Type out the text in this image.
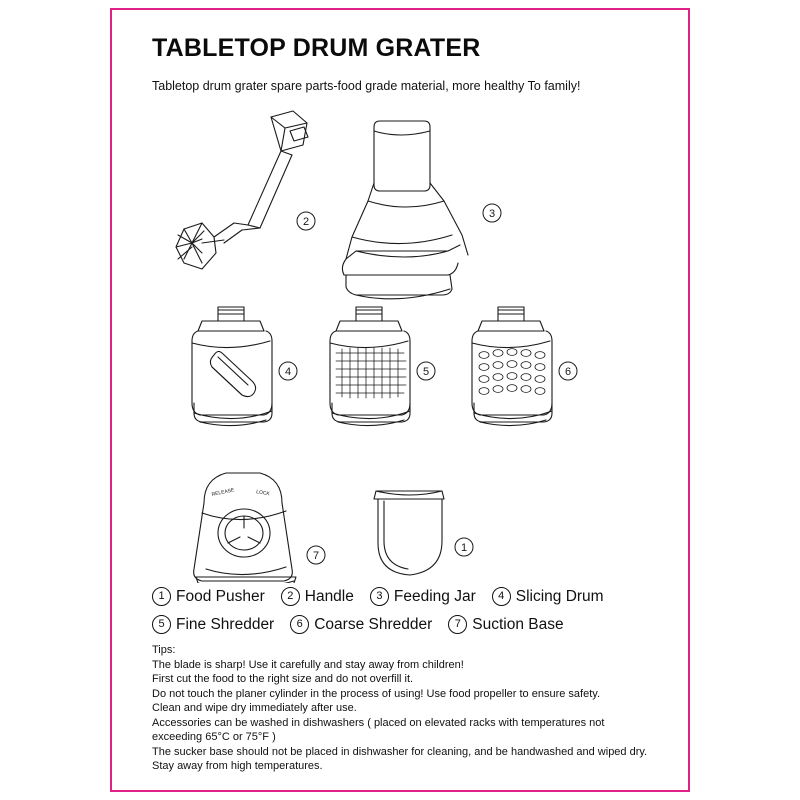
TABLETOP DRUM GRATER

Tabletop drum grater spare parts-food grade material, more healthy To family!

RELEASE	LOCK
2
3
4	5	6
7
1
1 Food Pusher	2 Handle	3 Feeding Jar	4 Slicing Drum
5 Fine Shredder	6 Coarse Shredder	7 Suction Base

Tips:

The blade is sharp! Use it carefully and stay away from children!

First cut the food to the right size and do not overfill it.

Do not touch the planer cylinder in the process of using! Use food propeller to ensure safety.

Clean and wipe dry immediately after use.

Accessories can be washed in dishwashers ( placed on elevated racks with temperatures not

exceeding 65°C or 75°F )

The sucker base should not be placed in dishwasher for cleaning, and be handwashed and wiped dry.

Stay away from high temperatures.
